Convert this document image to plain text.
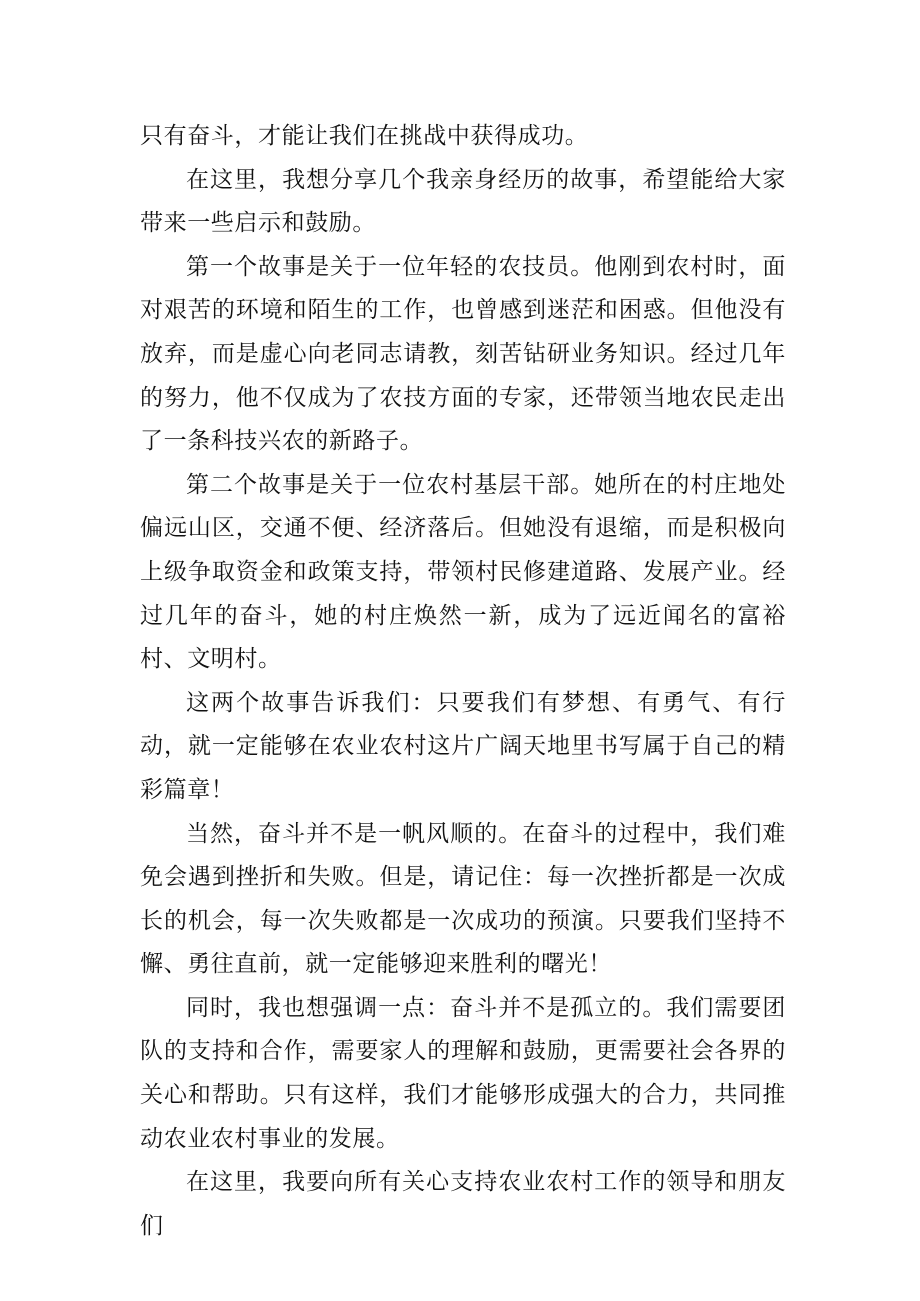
只有奋斗，才能让我们在挑战中获得成功。

在这里，我想分享几个我亲身经历的故事，希望能给大家带来一些启示和鼓励。

第一个故事是关于一位年轻的农技员。他刚到农村时，面对艰苦的环境和陌生的工作，也曾感到迷茫和困惑。但他没有放弃，而是虚心向老同志请教，刻苦钻研业务知识。经过几年的努力，他不仅成为了农技方面的专家，还带领当地农民走出了一条科技兴农的新路子。

第二个故事是关于一位农村基层干部。她所在的村庄地处偏远山区，交通不便、经济落后。但她没有退缩，而是积极向上级争取资金和政策支持，带领村民修建道路、发展产业。经过几年的奋斗，她的村庄焕然一新，成为了远近闻名的富裕村、文明村。

这两个故事告诉我们：只要我们有梦想、有勇气、有行动，就一定能够在农业农村这片广阔天地里书写属于自己的精彩篇章！

当然，奋斗并不是一帆风顺的。在奋斗的过程中，我们难免会遇到挫折和失败。但是，请记住：每一次挫折都是一次成长的机会，每一次失败都是一次成功的预演。只要我们坚持不懈、勇往直前，就一定能够迎来胜利的曙光！

同时，我也想强调一点：奋斗并不是孤立的。我们需要团队的支持和合作，需要家人的理解和鼓励，更需要社会各界的关心和帮助。只有这样，我们才能够形成强大的合力，共同推动农业农村事业的发展。

在这里，我要向所有关心支持农业农村工作的领导和朋友们
